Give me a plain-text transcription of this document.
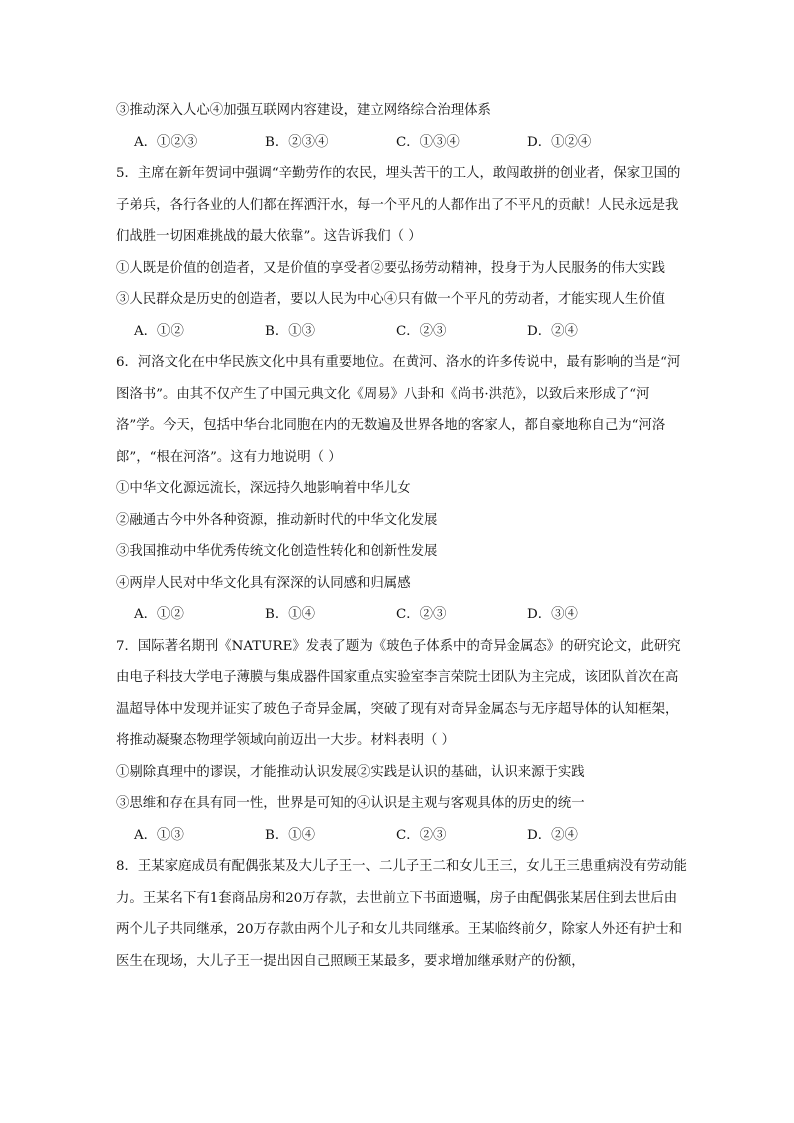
③推动深入人心④加强互联网内容建设，建立网络综合治理体系

A．①②③	B．②③④	C．①③④	D．①②④

5．主席在新年贺词中强调“辛勤劳作的农民，埋头苦干的工人，敢闯敢拼的创业者，保家卫国的子弟兵，各行各业的人们都在挥洒汗水，每一个平凡的人都作出了不平凡的贡献！人民永远是我们战胜一切困难挑战的最大依靠”。这告诉我们（ ）

①人既是价值的创造者，又是价值的享受者②要弘扬劳动精神，投身于为人民服务的伟大实践

③人民群众是历史的创造者，要以人民为中心④只有做一个平凡的劳动者，才能实现人生价值

A．①②	B．①③	C．②③	D．②④

6．河洛文化在中华民族文化中具有重要地位。在黄河、洛水的许多传说中，最有影响的当是“河图洛书”。由其不仅产生了中国元典文化《周易》八卦和《尚书·洪范》，以致后来形成了“河洛”学。今天，包括中华台北同胞在内的无数遍及世界各地的客家人，都自豪地称自己为“河洛郎”，“根在河洛”。这有力地说明（ ）

①中华文化源远流长，深远持久地影响着中华儿女

②融通古今中外各种资源，推动新时代的中华文化发展

③我国推动中华优秀传统文化创造性转化和创新性发展

④两岸人民对中华文化具有深深的认同感和归属感

A．①②	B．①④	C．②③	D．③④

7．国际著名期刊《NATURE》发表了题为《玻色子体系中的奇异金属态》的研究论文，此研究由电子科技大学电子薄膜与集成器件国家重点实验室李言荣院士团队为主完成，该团队首次在高温超导体中发现并证实了玻色子奇异金属，突破了现有对奇异金属态与无序超导体的认知框架，将推动凝聚态物理学领域向前迈出一大步。材料表明（ ）

①剔除真理中的谬误，才能推动认识发展②实践是认识的基础，认识来源于实践

③思维和存在具有同一性，世界是可知的④认识是主观与客观具体的历史的统一

A．①③	B．①④	C．②③	D．②④

8．王某家庭成员有配偶张某及大儿子王一、二儿子王二和女儿王三，女儿王三患重病没有劳动能力。王某名下有1套商品房和20万存款，去世前立下书面遗嘱，房子由配偶张某居住到去世后由两个儿子共同继承，20万存款由两个儿子和女儿共同继承。王某临终前夕，除家人外还有护士和医生在现场，大儿子王一提出因自己照顾王某最多，要求增加继承财产的份额，
